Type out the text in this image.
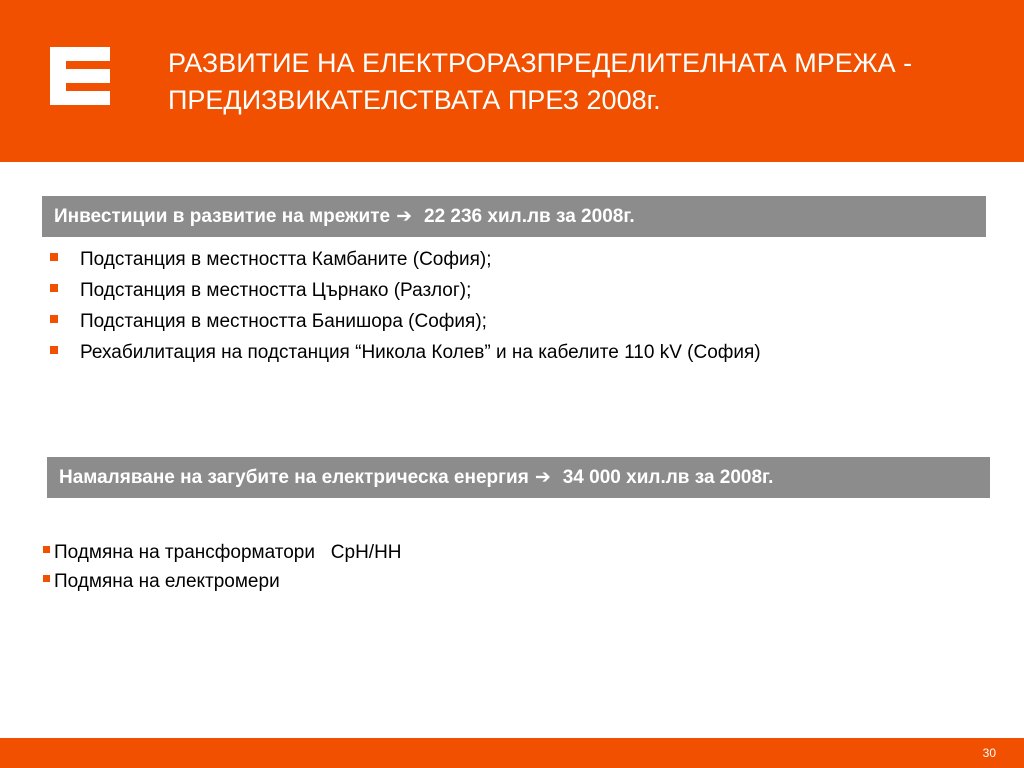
РАЗВИТИЕ НА ЕЛЕКТРОРАЗПРЕДЕЛИТЕЛНАТА МРЕЖА -
ПРЕДИЗВИКАТЕЛСТВАТА ПРЕЗ 2008г.
Инвестиции в развитие на мрежите ➔ 22 236 хил.лв за 2008г.
Подстанция в местността Камбаните (София);
Подстанция в местността Църнако (Разлог);
Подстанция в местността Банишора (София);
Рехабилитация на подстанция “Никола Колев” и на кабелите 110 kV (София)
Намаляване на загубите на електрическа енергия ➔ 34 000 хил.лв за 2008г.
Подмяна на трансформатори   СрН/НН
Подмяна на електромери
30
